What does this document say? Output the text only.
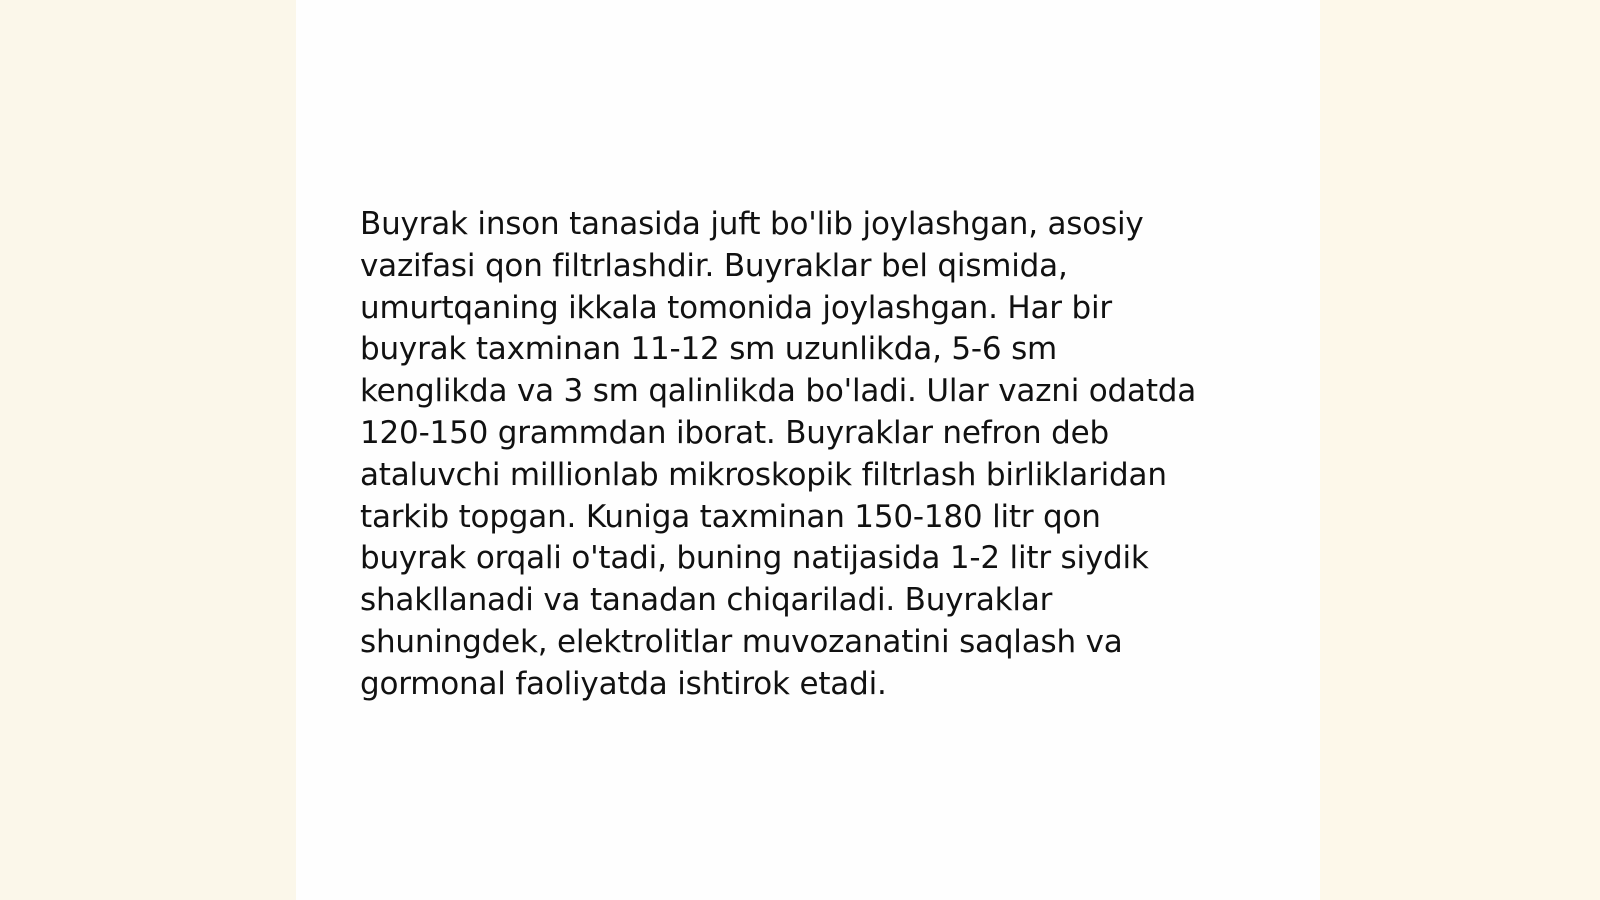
Buyrak inson tanasida juft bo'lib joylashgan, asosiy
vazifasi qon filtrlashdir. Buyraklar bel qismida,
umurtqaning ikkala tomonida joylashgan. Har bir
buyrak taxminan 11-12 sm uzunlikda, 5-6 sm
kenglikda va 3 sm qalinlikda bo'ladi. Ular vazni odatda
120-150 grammdan iborat. Buyraklar nefron deb
ataluvchi millionlab mikroskopik filtrlash birliklaridan
tarkib topgan. Kuniga taxminan 150-180 litr qon
buyrak orqali o'tadi, buning natijasida 1-2 litr siydik
shakllanadi va tanadan chiqariladi. Buyraklar
shuningdek, elektrolitlar muvozanatini saqlash va
gormonal faoliyatda ishtirok etadi.
